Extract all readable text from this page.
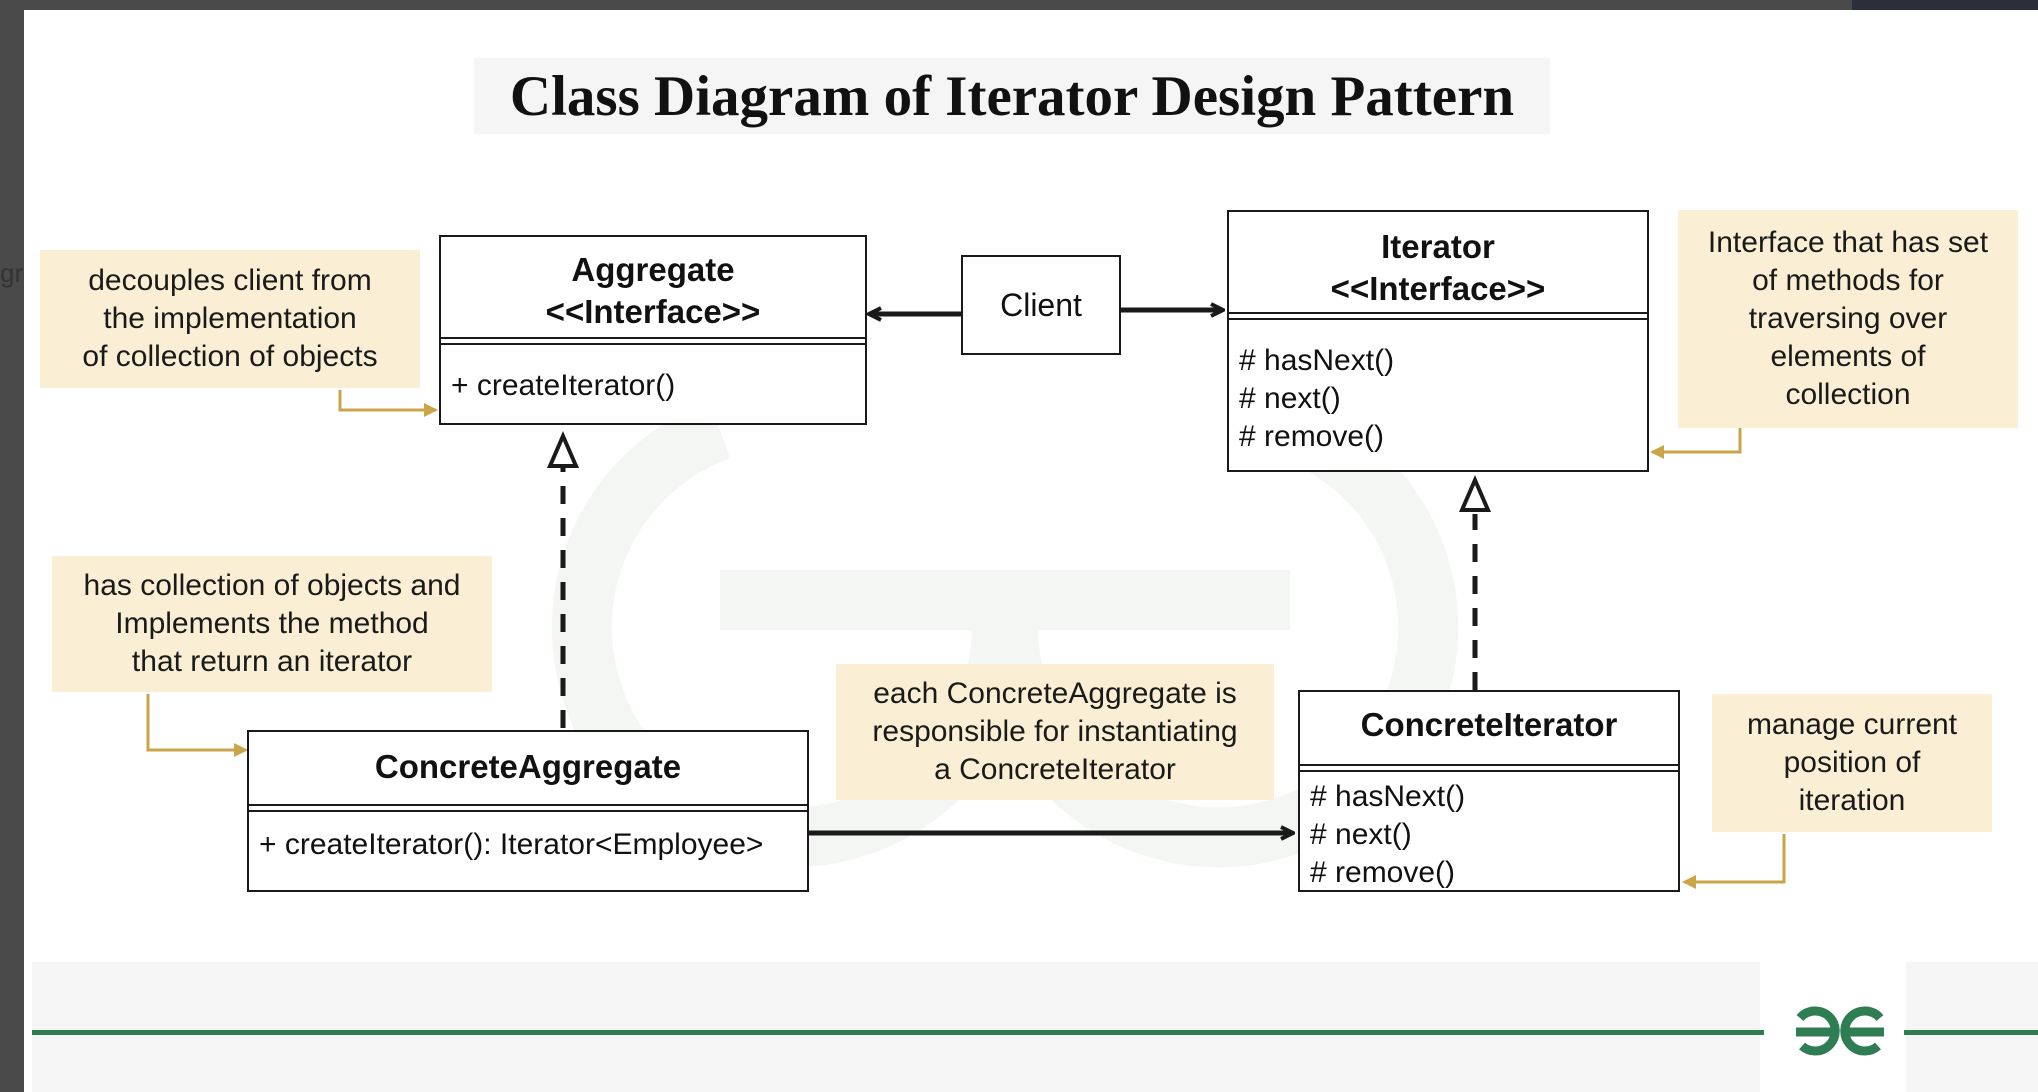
gr
Class Diagram of Iterator Design Pattern
decouples client from
the implementation
of collection of objects
Interface that has set
of methods for
traversing over
elements of
collection
has collection of objects and
Implements the method
that return an iterator
each ConcreteAggregate is
responsible for instantiating
a ConcreteIterator
manage current
position of
iteration
Aggregate
<<Interface>>
+ createIterator()
Client
Iterator
<<Interface>>
# hasNext()
# next()
# remove()
ConcreteAggregate
+ createIterator(): Iterator<Employee>
ConcreteIterator
# hasNext()
# next()
# remove()
